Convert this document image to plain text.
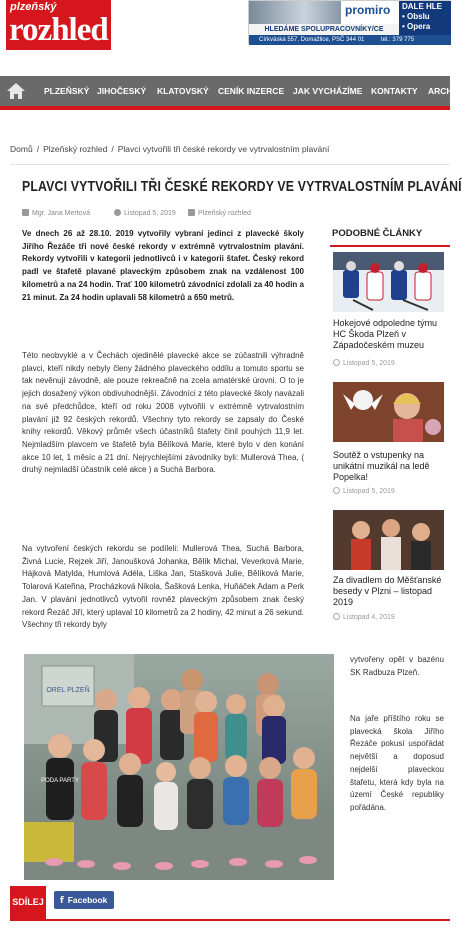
plzeňský
rozhled
promiro	DALE HLE
• Obslu
• Opera
HLEDÁME SPOLUPRACOVNÍKY/CE
Církváská 557, Domažlice, PSČ 344 01          tel.: 379 775
PLZEŇSKÝ JIHOČESKÝ KLATOVSKÝ CENÍK INZERCE JAK VYCHÁZÍME KONTAKTY ARCH
Domů / Plzeňský rozhled / Plavci vytvořili tři české rekordy ve vytrvalostním plavání
PLAVCI VYTVOŘILI TŘI ČESKÉ REKORDY VE VYTRVALOSTNÍM PLAVÁNÍ
Mgr. Jana Mertová	Listopad 5, 2019	Plzeňský rozhled

Ve dnech 26 až 28.10. 2019 vytvořily vybraní jedinci z plavecké školy Jiřího Řezáče tři nové české rekordy v extrémně vytrvalostním plavání. Rekordy vytvořili v kategorii jednotlivců i v kategorii štafet. Český rekord padl ve štafetě plavané plaveckým způsobem znak na vzdálenost 100 kilometrů a na 24 hodin. Trať 100 kilometrů závodníci zdolali za 40 hodin a 21 minut. Za 24 hodin uplavali 58 kilometrů a 650 metrů.

Této neobvyklé a v Čechách ojedinělé plavecké akce se zúčastnili výhradně plavci, kteří nikdy nebyly členy žádného plaveckého oddílu a tomuto sportu se tak nevěnují závodně, ale pouze rekreačně na zcela amatérské úrovni. O to je jejich dosažený výkon obdivuhodnější. Závodníci z této plavecké školy navázali na své předchůdce, kteří od roku 2008 vytvořili v extrémně vytrvalostním plavání již 92 českých rekordů. Všechny tyto rekordy se zapsaly do České knihy rekordů. Věkový průměr všech účastníků štafety činil pouhých 11,9 let. Nejmladším plavcem ve štafetě byla Bělíková Marie, které bylo v den konání akce 10 let, 1 měsíc a 21 dní. Nejrychlejšími závodníky byli: Mullerová Thea, ( druhý nejmladší účastník celé akce ) a Suchá Barbora.

Na vytvoření českých rekordu se podíleli: Mullerová Thea, Suchá Barbora, Živná Lucie, Rejzek Jiří, Janoušková Johanka, Bělík Michal, Veverková Marie, Hájková Matylda, Humlová Adéla, Liška Jan, Stašková Julie, Bělíková Marie, Tolarová Kateřina, Procházková Nikola, Šašková Lenka, Huňáček Adam a Perk Jan. V plavání jednotlivců vytvořil rovněž plaveckým způsobem znak český rekord Řezáč Jiří, který uplaval 10 kilometrů za 2 hodiny, 42 minut a 26 sekund. Všechny tři rekordy byly

OREL PLZEŇ
PODA PARTY

vytvořeny opět v bazénu SK Radbuza Plzeň.

Na jaře příštího roku se plavecká škola Jiřího Řezáče pokusí uspořádat největší a doposud nejdelší plaveckou štafetu, která kdy byla na území České republiky pořádána.

PODOBNÉ ČLÁNKY
Hokejové odpoledne týmu HC Škoda Plzeň v Západočeském muzeu
Listopad 5, 2019
Soutěž o vstupenky na unikátní muzikál na ledě Popelka!
Listopad 5, 2019
Za divadlem do Měšťanské besedy v Plzni – listopad 2019
Listopad 4, 2019
SDÍLEJ	f Facebook
